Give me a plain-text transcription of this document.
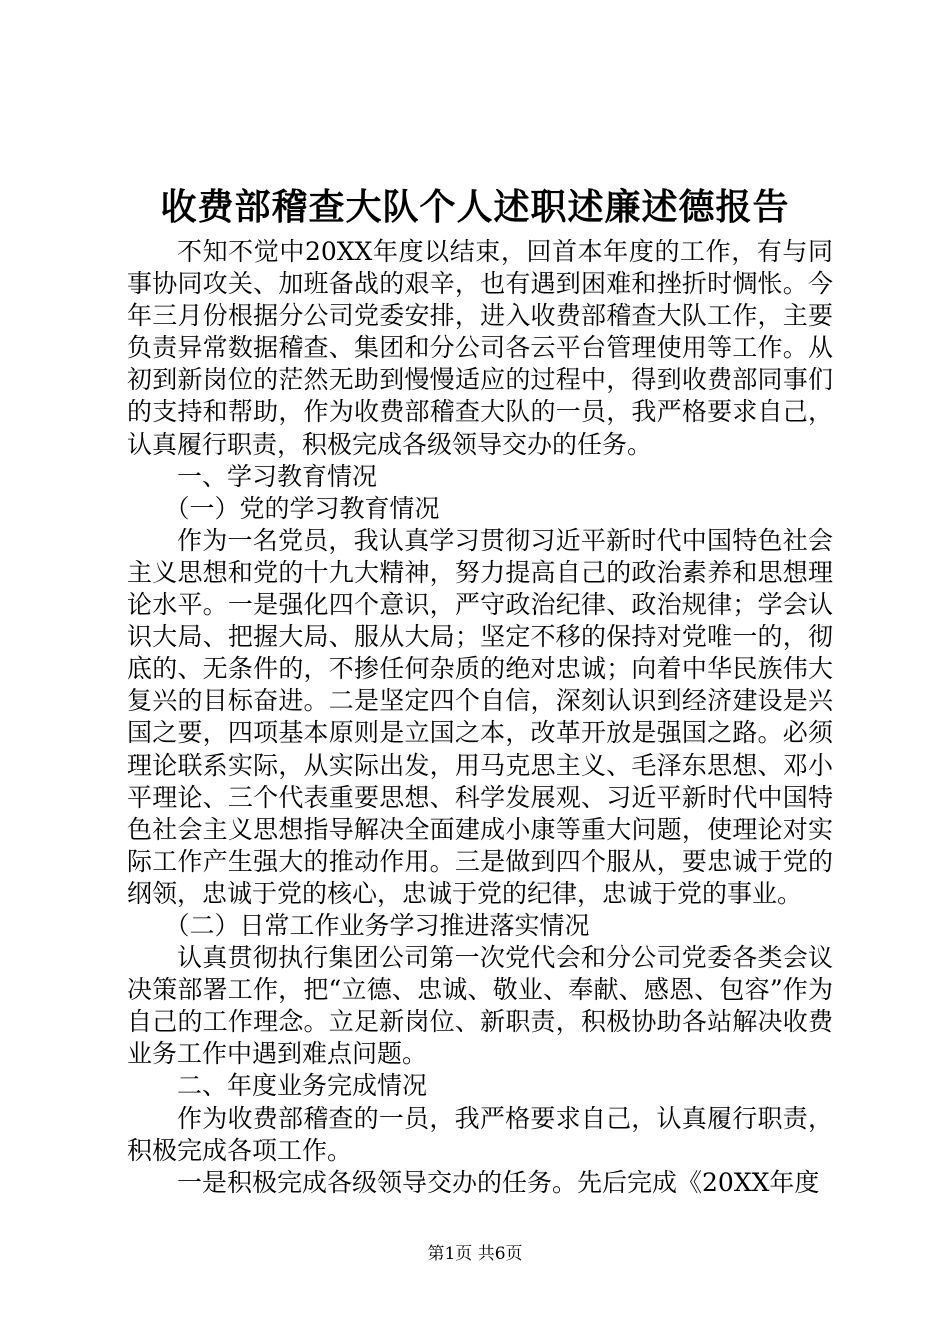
收费部稽查大队个人述职述廉述德报告

不知不觉中20XX年度以结束，回首本年度的工作，有与同事协同攻关、加班备战的艰辛，也有遇到困难和挫折时惆怅。今年三月份根据分公司党委安排，进入收费部稽查大队工作，主要负责异常数据稽查、集团和分公司各云平台管理使用等工作。从初到新岗位的茫然无助到慢慢适应的过程中，得到收费部同事们的支持和帮助，作为收费部稽查大队的一员，我严格要求自己，认真履行职责，积极完成各级领导交办的任务。

一、学习教育情况

（一）党的学习教育情况

作为一名党员，我认真学习贯彻习近平新时代中国特色社会主义思想和党的十九大精神，努力提高自己的政治素养和思想理论水平。一是强化四个意识，严守政治纪律、政治规律；学会认识大局、把握大局、服从大局；坚定不移的保持对党唯一的，彻底的、无条件的，不掺任何杂质的绝对忠诚；向着中华民族伟大复兴的目标奋进。二是坚定四个自信，深刻认识到经济建设是兴国之要，四项基本原则是立国之本，改革开放是强国之路。必须理论联系实际，从实际出发，用马克思主义、毛泽东思想、邓小平理论、三个代表重要思想、科学发展观、习近平新时代中国特色社会主义思想指导解决全面建成小康等重大问题，使理论对实际工作产生强大的推动作用。三是做到四个服从，要忠诚于党的纲领，忠诚于党的核心，忠诚于党的纪律，忠诚于党的事业。

（二）日常工作业务学习推进落实情况

认真贯彻执行集团公司第一次党代会和分公司党委各类会议决策部署工作，把“立德、忠诚、敬业、奉献、感恩、包容”作为自己的工作理念。立足新岗位、新职责，积极协助各站解决收费业务工作中遇到难点问题。

二、年度业务完成情况

作为收费部稽查的一员，我严格要求自己，认真履行职责，积极完成各项工作。

一是积极完成各级领导交办的任务。先后完成《20XX年度

第1页 共6页
